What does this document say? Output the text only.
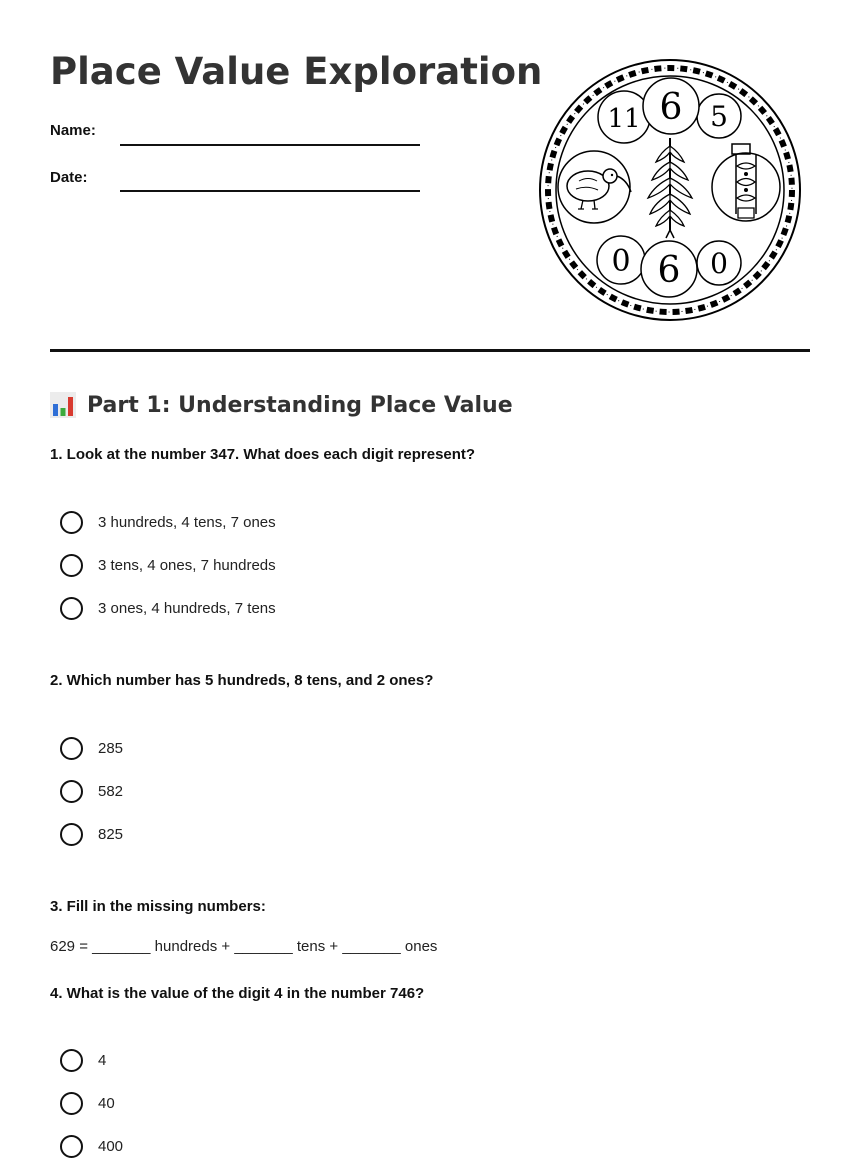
Place Value Exploration
Name:
Date:
11 5
6
0	0
6
Part 1: Understanding Place Value
1. Look at the number 347. What does each digit represent?
3 hundreds, 4 tens, 7 ones
3 tens, 4 ones, 7 hundreds
3 ones, 4 hundreds, 7 tens
2. Which number has 5 hundreds, 8 tens, and 2 ones?
285
582
825
3. Fill in the missing numbers:
629 = _______ hundreds + _______ tens + _______ ones
4. What is the value of the digit 4 in the number 746?
4
40
400
